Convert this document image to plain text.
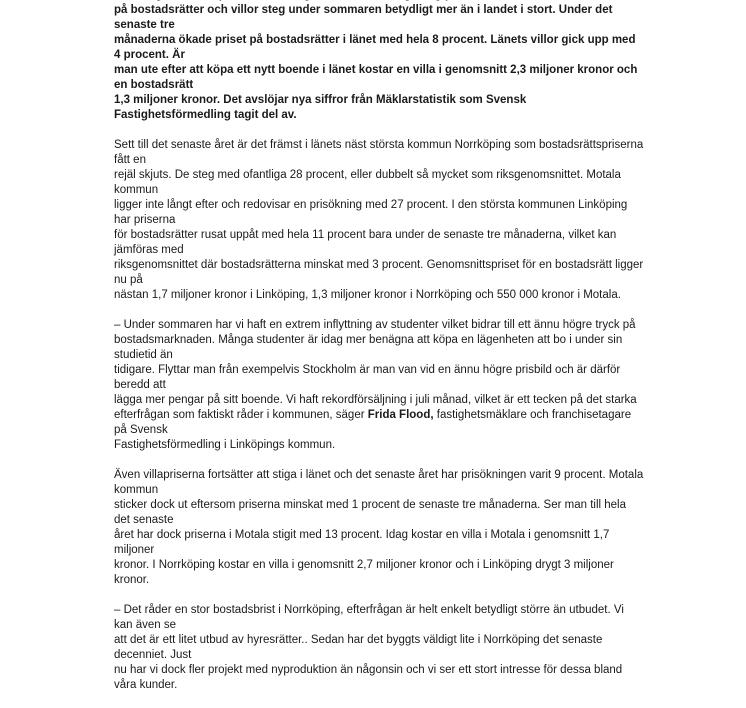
på bostadsrätter och villor steg under sommaren betydligt mer än i landet i stort. Under det senaste tre
månaderna ökade priset på bostadsrätter i länet med hela 8 procent. Länets villor gick upp med 4 procent. Är
man ute efter att köpa ett nytt boende i länet kostar en villa i genomsnitt 2,3 miljoner kronor och en bostadsrätt
1,3 miljoner kronor. Det avslöjar nya siffror från Mäklarstatistik som Svensk Fastighetsförmedling tagit del av.

Sett till det senaste året är det främst i länets näst största kommun Norrköping som bostadsrättspriserna fått en
rejäl skjuts. De steg med ofantliga 28 procent, eller dubbelt så mycket som riksgenomsnittet. Motala kommun
ligger inte långt efter och redovisar en prisökning med 27 procent. I den största kommunen Linköping har priserna
för bostadsrätter rusat uppåt med hela 11 procent bara under de senaste tre månaderna, vilket kan jämföras med
riksgenomsnittet där bostadsrätterna minskat med 3 procent. Genomsnittspriset för en bostadsrätt ligger nu på
nästan 1,7 miljoner kronor i Linköping, 1,3 miljoner kronor i Norrköping och 550 000 kronor i Motala.

– Under sommaren har vi haft en extrem inflyttning av studenter vilket bidrar till ett ännu högre tryck på
bostadsmarknaden. Många studenter är idag mer benägna att köpa en lägenheten att bo i under sin studietid än
tidigare. Flyttar man från exempelvis Stockholm är man van vid en ännu högre prisbild och är därför beredd att
lägga mer pengar på sitt boende. Vi haft rekordförsäljning i juli månad, vilket är ett tecken på det starka
efterfrågan som faktiskt råder i kommunen, säger Frida Flood, fastighetsmäklare och franchisetagare på Svensk
Fastighetsförmedling i Linköpings kommun.

Även villapriserna fortsätter att stiga i länet och det senaste året har prisökningen varit 9 procent. Motala kommun
sticker dock ut eftersom priserna minskat med 1 procent de senaste tre månaderna. Ser man till hela det senaste
året har dock priserna i Motala stigit med 13 procent. Idag kostar en villa i Motala i genomsnitt 1,7 miljoner
kronor. I Norrköping kostar en villa i genomsnitt 2,7 miljoner kronor och i Linköping drygt 3 miljoner kronor.

– Det råder en stor bostadsbrist i Norrköping, efterfrågan är helt enkelt betydligt större än utbudet. Vi kan även se
att det är ett litet utbud av hyresrätter.. Sedan har det byggts väldigt lite i Norrköping det senaste decenniet. Just
nu har vi dock fler projekt med nyproduktion än någonsin och vi ser ett stort intresse för dessa bland våra kunder.
